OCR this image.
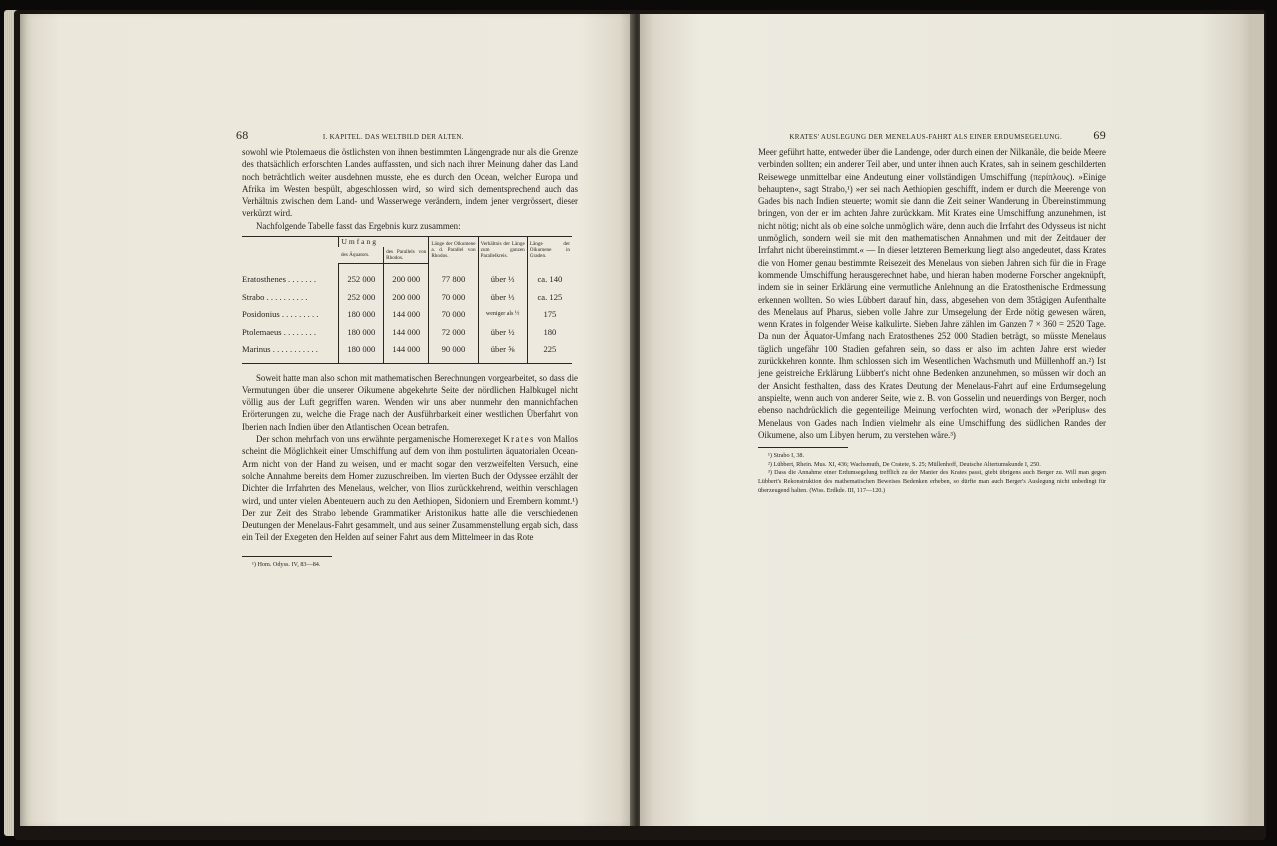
68	I. KAPITEL. DAS WELTBILD DER ALTEN.

sowohl wie Ptolemaeus die östlichsten von ihnen bestimmten Längengrade nur als die Grenze des thatsächlich erforschten Landes auffassten, und sich nach ihrer Meinung daher das Land noch beträchtlich weiter ausdehnen musste, ehe es durch den Ocean, welcher Europa und Afrika im Westen bespült, abgeschlossen wird, so wird sich dementsprechend auch das Verhältnis zwischen dem Land- und Wasserwege verändern, indem jener vergrössert, dieser verkürzt wird.

Nachfolgende Tabelle fasst das Ergebnis kurz zusammen:

	Umfang		Länge der Oikumene a. d. Parallel von Rhodos.	Verhältnis der Länge zum ganzen Parallelkreis.	Länge der Oikumene in Graden.
	des Äquators.	des Parallels von Rhodos.			
Eratosthenes . . . . . . .	252 000	200 000	77 800	über ⅓	ca. 140
Strabo . . . . . . . . . .	252 000	200 000	70 000	über ⅓	ca. 125
Posidonius . . . . . . . . .	180 000	144 000	70 000	weniger als ½	175
Ptolemaeus . . . . . . . .	180 000	144 000	72 000	über ½	180
Marinus . . . . . . . . . . .	180 000	144 000	90 000	über ⅝	225

Soweit hatte man also schon mit mathematischen Berechnungen vorgearbeitet, so dass die Vermutungen über die unserer Oikumene abgekehrte Seite der nördlichen Halbkugel nicht völlig aus der Luft gegriffen waren. Wenden wir uns aber nunmehr den mannichfachen Erörterungen zu, welche die Frage nach der Ausführbarkeit einer westlichen Überfahrt von Iberien nach Indien über den Atlantischen Ocean betrafen.

Der schon mehrfach von uns erwähnte pergamenische Homerexeget Krates von Mallos scheint die Möglichkeit einer Umschiffung auf dem von ihm postulirten äquatorialen Ocean-Arm nicht von der Hand zu weisen, und er macht sogar den verzweifelten Versuch, eine solche Annahme bereits dem Homer zuzuschreiben. Im vierten Buch der Odyssee erzählt der Dichter die Irrfahrten des Menelaus, welcher, von Ilios zurückkehrend, weithin verschlagen wird, und unter vielen Abenteuern auch zu den Aethiopen, Sidoniern und Erembern kommt.¹) Der zur Zeit des Strabo lebende Grammatiker Aristonikus hatte alle die verschiedenen Deutungen der Menelaus-Fahrt gesammelt, und aus seiner Zusammenstellung ergab sich, dass ein Teil der Exegeten den Helden auf seiner Fahrt aus dem Mittelmeer in das Rote

¹) Hom. Odyss. IV, 83—84.
KRATES' AUSLEGUNG DER MENELAUS-FAHRT ALS EINER ERDUMSEGELUNG.	69

Meer geführt hatte, entweder über die Landenge, oder durch einen der Nilkanäle, die beide Meere verbinden sollten; ein anderer Teil aber, und unter ihnen auch Krates, sah in seinem geschilderten Reisewege unmittelbar eine Andeutung einer vollständigen Umschiffung (περίπλους). »Einige behaupten«, sagt Strabo,¹) »er sei nach Aethiopien geschifft, indem er durch die Meerenge von Gades bis nach Indien steuerte; womit sie dann die Zeit seiner Wanderung in Übereinstimmung bringen, von der er im achten Jahre zurückkam. Mit Krates eine Umschiffung anzunehmen, ist nicht nötig; nicht als ob eine solche unmöglich wäre, denn auch die Irrfahrt des Odysseus ist nicht unmöglich, sondern weil sie mit den mathematischen Annahmen und mit der Zeitdauer der Irrfahrt nicht übereinstimmt.« — In dieser letzteren Bemerkung liegt also angedeutet, dass Krates die von Homer genau bestimmte Reisezeit des Menelaus von sieben Jahren sich für die in Frage kommende Umschiffung herausgerechnet habe, und hieran haben moderne Forscher angeknüpft, indem sie in seiner Erklärung eine vermutliche Anlehnung an die Eratosthenische Erdmessung erkennen wollten. So wies Lübbert darauf hin, dass, abgesehen von dem 35tägigen Aufenthalte des Menelaus auf Pharus, sieben volle Jahre zur Umsegelung der Erde nötig gewesen wären, wenn Krates in folgender Weise kalkulirte. Sieben Jahre zählen im Ganzen 7 × 360 = 2520 Tage. Da nun der Äquator-Umfang nach Eratosthenes 252 000 Stadien beträgt, so müsste Menelaus täglich ungefähr 100 Stadien gefahren sein, so dass er also im achten Jahre erst wieder zurückkehren konnte. Ihm schlossen sich im Wesentlichen Wachsmuth und Müllenhoff an.²) Ist jene geistreiche Erklärung Lübbert's nicht ohne Bedenken anzunehmen, so müssen wir doch an der Ansicht festhalten, dass des Krates Deutung der Menelaus-Fahrt auf eine Erdumsegelung anspielte, wenn auch von anderer Seite, wie z. B. von Gosselin und neuerdings von Berger, noch ebenso nachdrücklich die gegenteilige Meinung verfochten wird, wonach der »Periplus« des Menelaus von Gades nach Indien vielmehr als eine Umschiffung des südlichen Randes der Oikumene, also um Libyen herum, zu verstehen wäre.³)

¹) Strabo I, 38.
²) Lübbert, Rhein. Mus. XI, 436; Wachsmuth, De Cratete, S. 25; Müllenhoff, Deutsche Altertumskunde I, 250.
³) Dass die Annahme einer Erdumsegelung trefflich zu der Manier des Krates passt, giebt übrigens auch Berger zu. Will man gegen Lübbert's Rekonstruktion des mathematischen Beweises Bedenken erheben, so dürfte man auch Berger's Auslegung nicht unbedingt für überzeugend halten. (Wiss. Erdkde. III, 117—120.)
